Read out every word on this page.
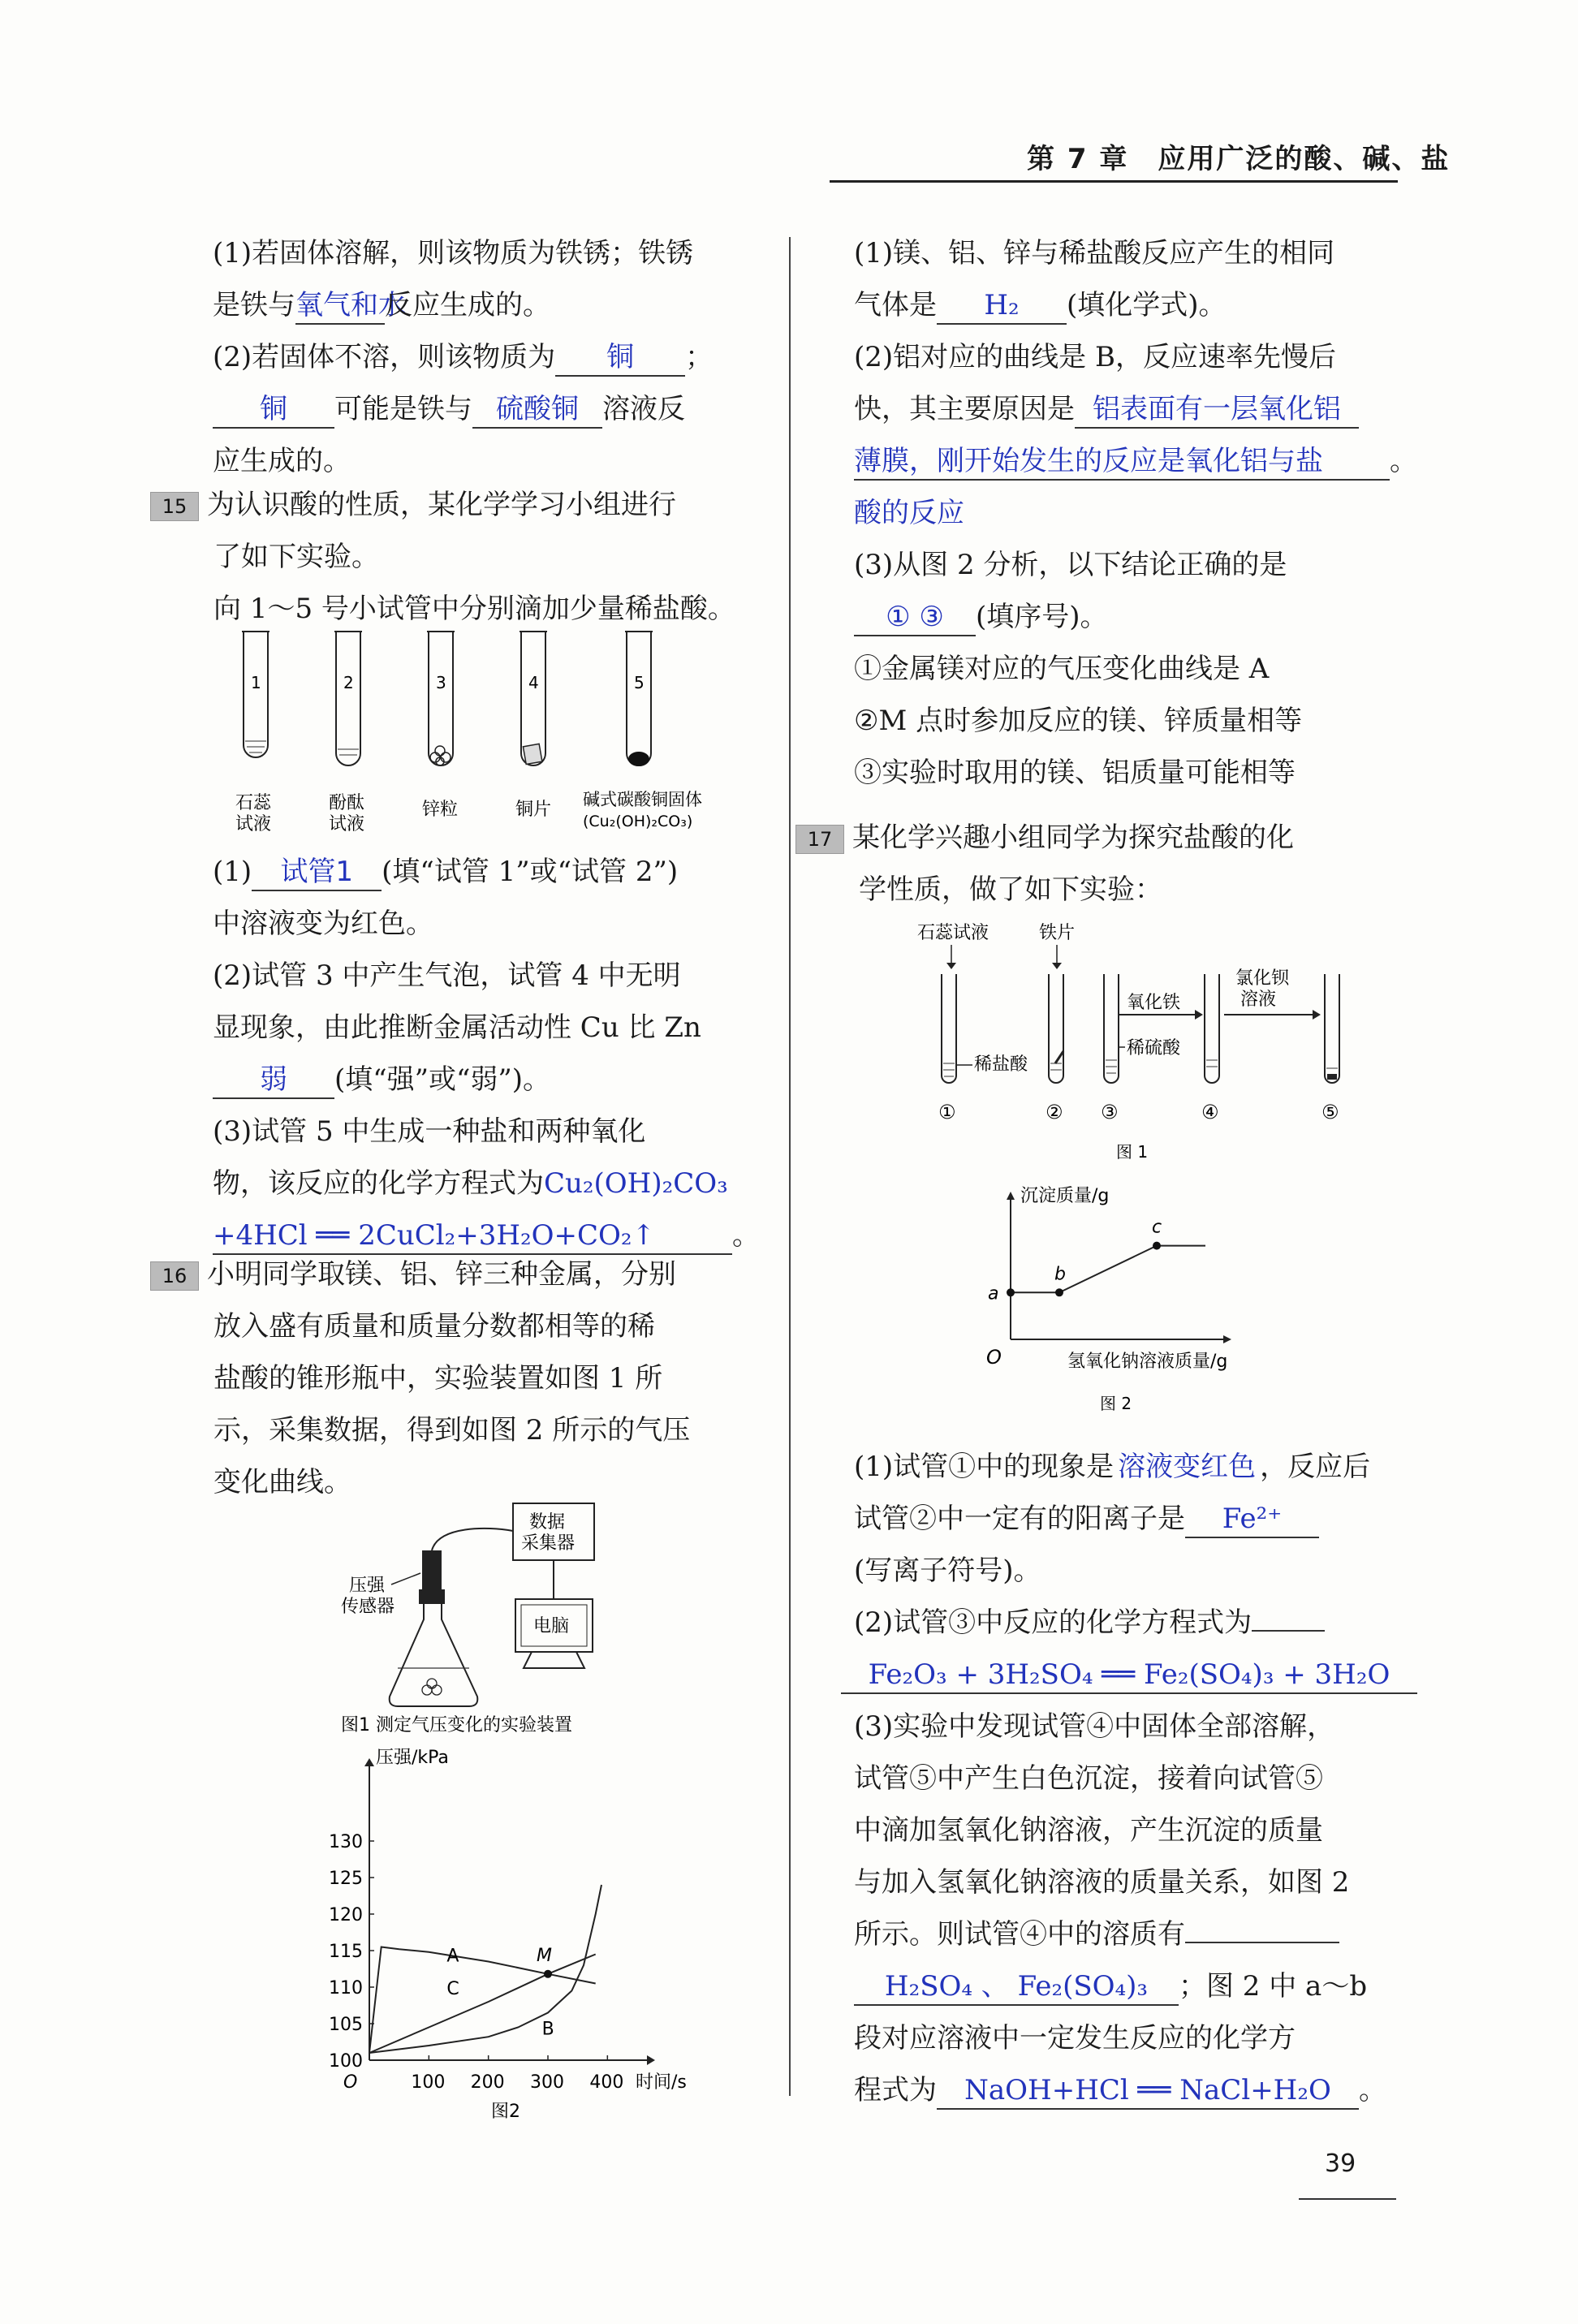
第 7 章　应用广泛的酸、碱、盐

(1)若固体溶解，则该物质为铁锈；铁锈

是铁与氧气和水反应生成的。

(2)若固体不溶，则该物质为 铜 ；

铜 可能是铁与 硫酸铜 溶液反

应生成的。

15 为认识酸的性质，某化学学习小组进行

了如下实验。

向 1～5 号小试管中分别滴加少量稀盐酸。

1	2	3	4	5
石蕊
试液
酚酞
试液
锌粒	铜片 碱式碳酸铜固体
(Cu₂(OH)₂CO₃)

(1) 试管1 (填“试管 1”或“试管 2”)

中溶液变为红色。

(2)试管 3 中产生气泡，试管 4 中无明

显现象，由此推断金属活动性 Cu 比 Zn

弱 (填“强”或“弱”)。

(3)试管 5 中生成一种盐和两种氧化

物，该反应的化学方程式为Cu₂(OH)₂CO₃

+4HCl ══ 2CuCl₂+3H₂O+CO₂↑	。

16 小明同学取镁、铝、锌三种金属，分别

放入盛有质量和质量分数都相等的稀

盐酸的锥形瓶中，实验装置如图 1 所

示，采集数据，得到如图 2 所示的气压

变化曲线。

数据
采集器
电脑
压强
传感器
图1 测定气压变化的实验装置
压强/kPa
时间/s
100
105
110
115
120
125
130
O	100 200 300 400
A
B
C
M
图2

(1)镁、铝、锌与稀盐酸反应产生的相同

气体是 H₂ (填化学式)。

(2)铝对应的曲线是 B，反应速率先慢后

快，其主要原因是 铝表面有一层氧化铝

薄膜，刚开始发生的反应是氧化铝与盐 。

酸的反应

(3)从图 2 分析，以下结论正确的是

① ③ (填序号)。

①金属镁对应的气压变化曲线是 A

②M 点时参加反应的镁、锌质量相等

③实验时取用的镁、铝质量可能相等

17 某化学兴趣小组同学为探究盐酸的化

学性质，做了如下实验：

石蕊试液	铁片
氧化铁
稀硫酸
稀盐酸
氯化钡
溶液
①	② ③	④	⑤
图 1
沉淀质量/g
氢氧化钠溶液质量/g
O
a
b
c
图 2

(1)试管①中的现象是 溶液变红色 ，反应后

试管②中一定有的阳离子是 Fe²⁺

(写离子符号)。

(2)试管③中反应的化学方程式为

Fe₂O₃ + 3H₂SO₄ ══ Fe₂(SO₄)₃ + 3H₂O

(3)实验中发现试管④中固体全部溶解，

试管⑤中产生白色沉淀，接着向试管⑤

中滴加氢氧化钠溶液，产生沉淀的质量

与加入氢氧化钠溶液的质量关系，如图 2

所示。则试管④中的溶质有

H₂SO₄ 、 Fe₂(SO₄)₃ ；图 2 中 a～b

段对应溶液中一定发生反应的化学方

程式为 NaOH+HCl ══ NaCl+H₂O 。

39
